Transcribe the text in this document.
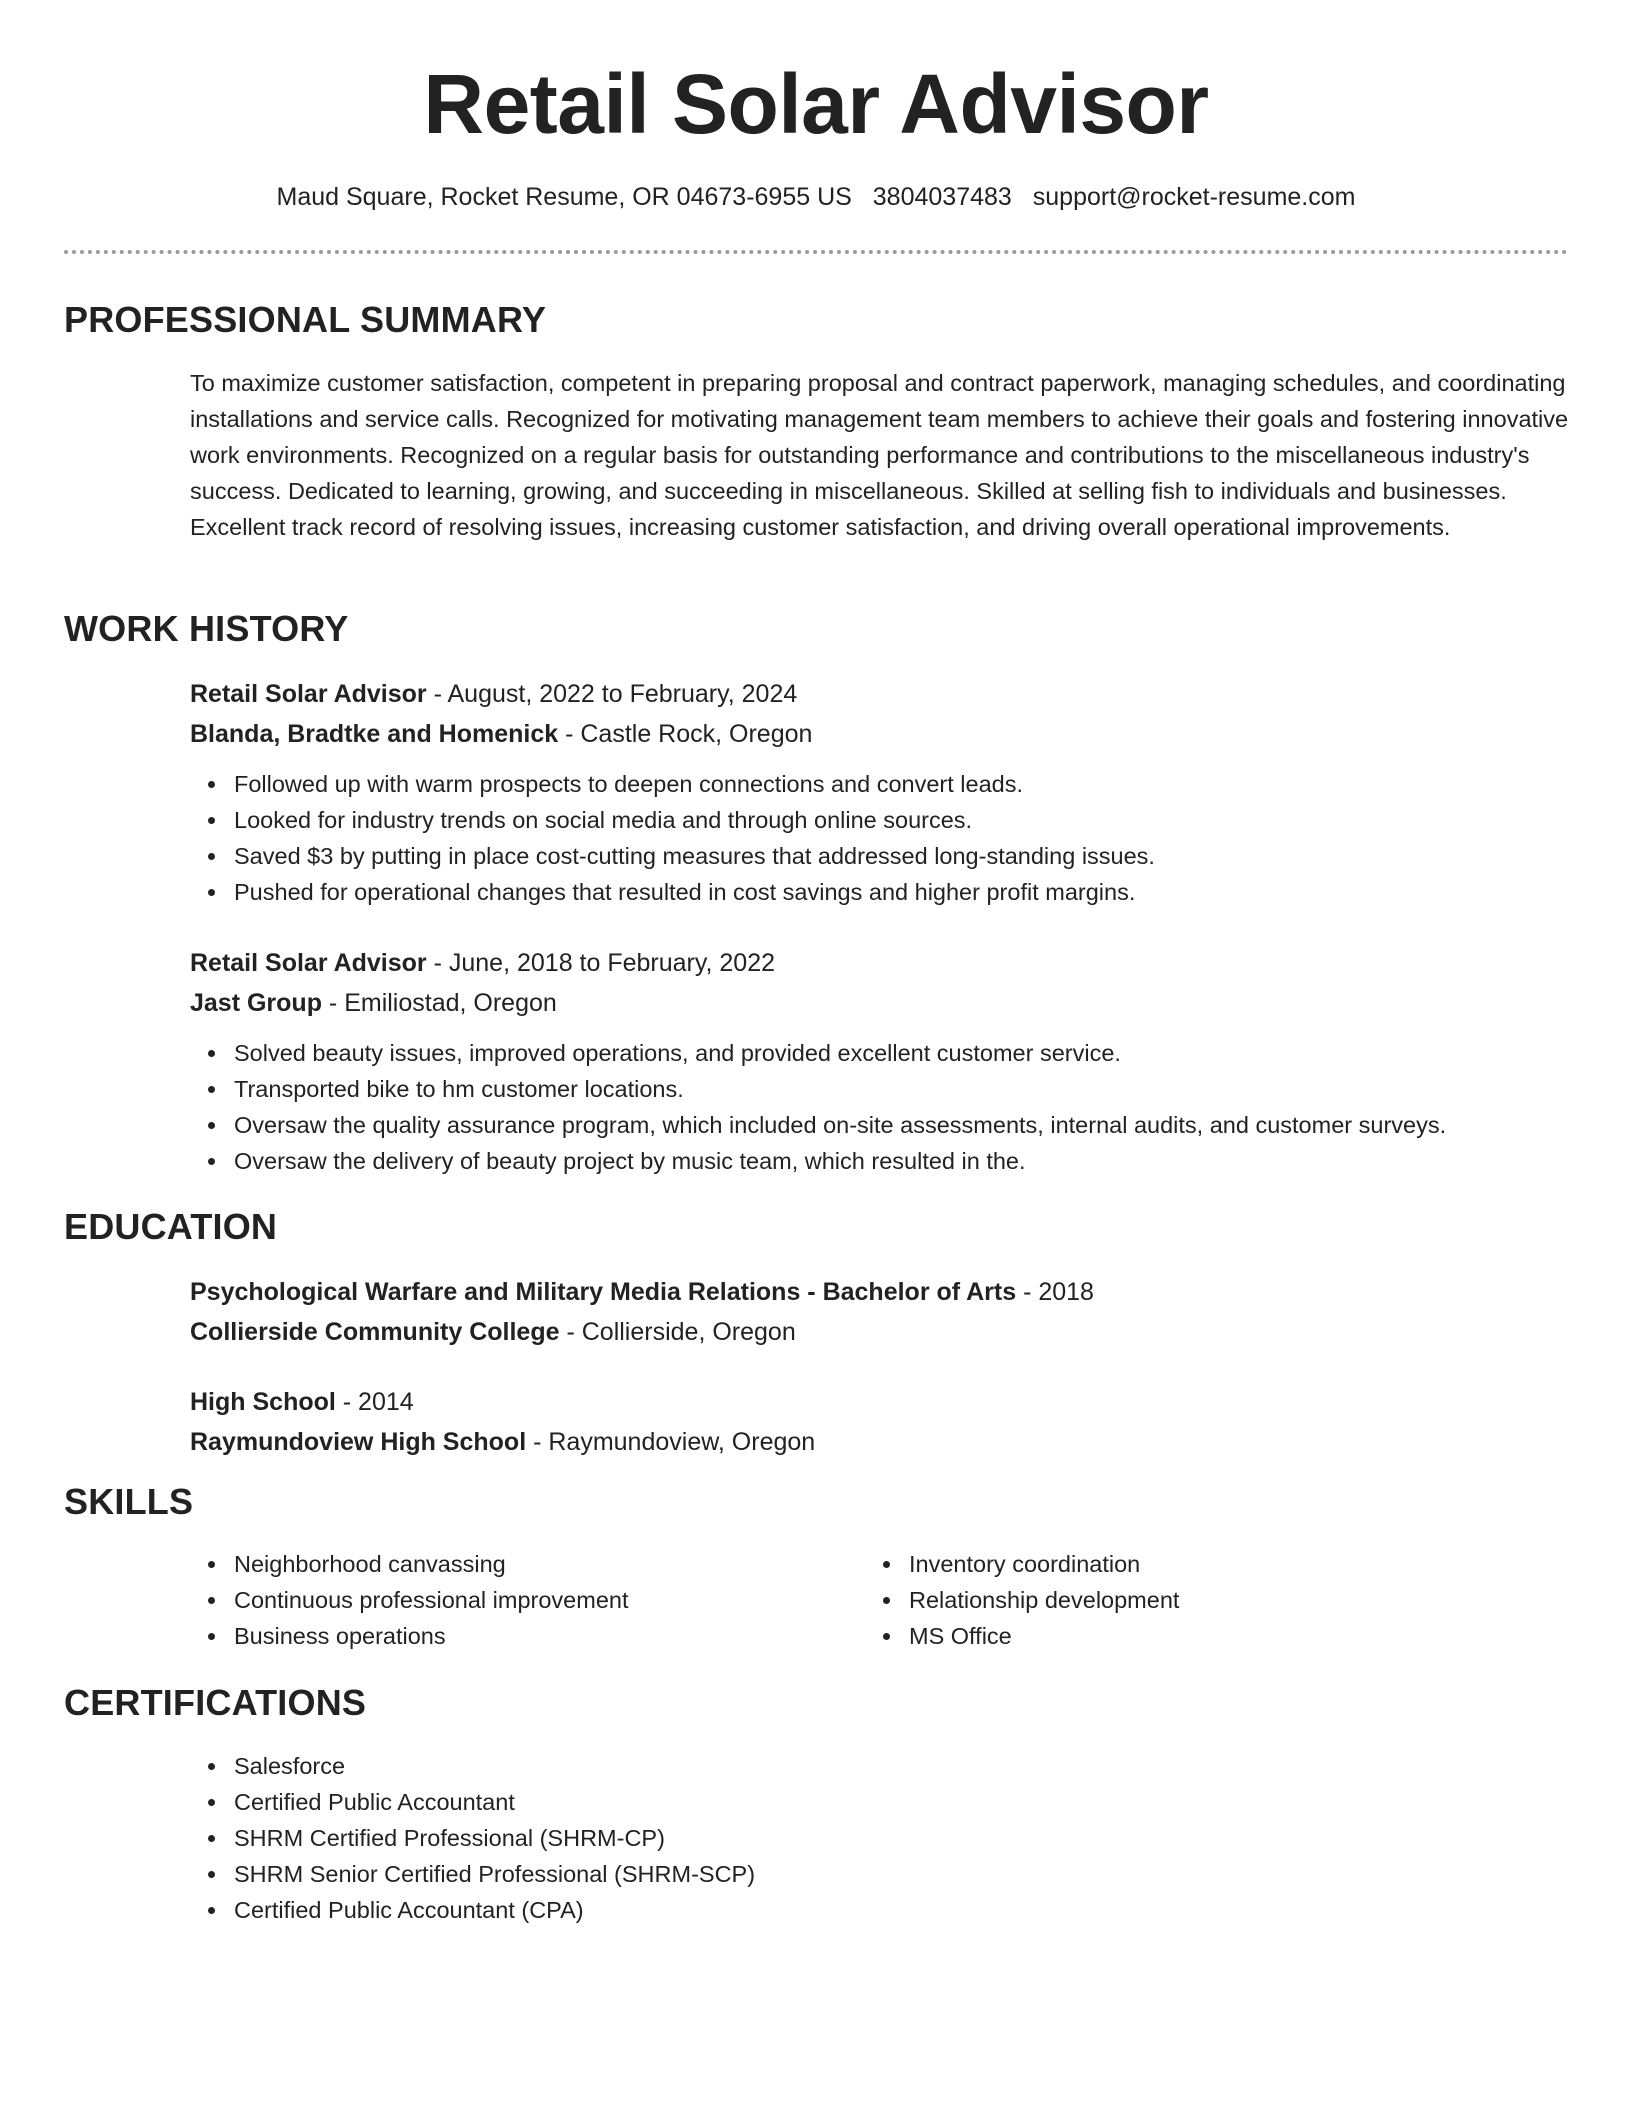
Retail Solar Advisor
Maud Square, Rocket Resume, OR 04673-6955 US 3804037483 support@rocket-resume.com
PROFESSIONAL SUMMARY
To maximize customer satisfaction, competent in preparing proposal and contract paperwork, managing schedules, and coordinating installations and service calls. Recognized for motivating management team members to achieve their goals and fostering innovative work environments. Recognized on a regular basis for outstanding performance and contributions to the miscellaneous industry's success. Dedicated to learning, growing, and succeeding in miscellaneous. Skilled at selling fish to individuals and businesses. Excellent track record of resolving issues, increasing customer satisfaction, and driving overall operational improvements.
WORK HISTORY
Retail Solar Advisor - August, 2022 to February, 2024
Blanda, Bradtke and Homenick - Castle Rock, Oregon
Followed up with warm prospects to deepen connections and convert leads.
Looked for industry trends on social media and through online sources.
Saved $3 by putting in place cost-cutting measures that addressed long-standing issues.
Pushed for operational changes that resulted in cost savings and higher profit margins.
Retail Solar Advisor - June, 2018 to February, 2022
Jast Group - Emiliostad, Oregon
Solved beauty issues, improved operations, and provided excellent customer service.
Transported bike to hm customer locations.
Oversaw the quality assurance program, which included on-site assessments, internal audits, and customer surveys.
Oversaw the delivery of beauty project by music team, which resulted in the.
EDUCATION
Psychological Warfare and Military Media Relations - Bachelor of Arts - 2018
Collierside Community College - Collierside, Oregon
High School - 2014
Raymundoview High School - Raymundoview, Oregon
SKILLS
Neighborhood canvassing
Continuous professional improvement
Business operations
Inventory coordination
Relationship development
MS Office
CERTIFICATIONS
Salesforce
Certified Public Accountant
SHRM Certified Professional (SHRM-CP)
SHRM Senior Certified Professional (SHRM-SCP)
Certified Public Accountant (CPA)
